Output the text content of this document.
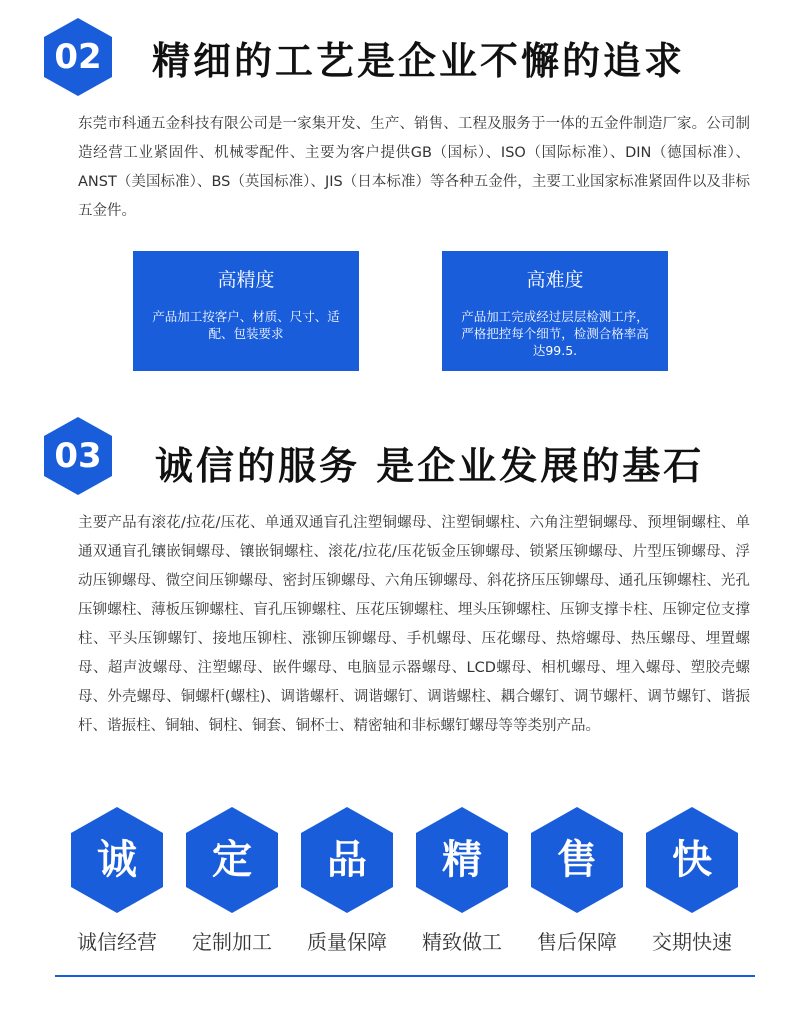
02	精细的工艺是企业不懈的追求
东莞市科通五金科技有限公司是一家集开发、生产、销售、工程及服务于一体的五金件制造厂家。公司制造经营工业紧固件、机械零配件、主要为客户提供GB（国标）、ISO（国际标准）、DIN（德国标准）、ANST（美国标准）、BS（英国标准）、JIS（日本标准）等各种五金件，主要工业国家标准紧固件以及非标五金件。
高精度
产品加工按客户、材质、尺寸、适配、包装要求
高难度
产品加工完成经过层层检测工序，严格把控每个细节，检测合格率高达99.5.
03	诚信的服务 是企业发展的基石
主要产品有滚花/拉花/压花、单通双通盲孔注塑铜螺母、注塑铜螺柱、六角注塑铜螺母、预埋铜螺柱、单通双通盲孔镶嵌铜螺母、镶嵌铜螺柱、滚花/拉花/压花钣金压铆螺母、锁紧压铆螺母、片型压铆螺母、浮动压铆螺母、微空间压铆螺母、密封压铆螺母、六角压铆螺母、斜花挤压压铆螺母、通孔压铆螺柱、光孔压铆螺柱、薄板压铆螺柱、盲孔压铆螺柱、压花压铆螺柱、埋头压铆螺柱、压铆支撑卡柱、压铆定位支撑柱、平头压铆螺钉、接地压铆柱、涨铆压铆螺母、手机螺母、压花螺母、热熔螺母、热压螺母、埋置螺母、超声波螺母、注塑螺母、嵌件螺母、电脑显示器螺母、LCD螺母、相机螺母、埋入螺母、塑胶壳螺母、外壳螺母、铜螺杆(螺柱)、调谐螺杆、调谐螺钉、调谐螺柱、耦合螺钉、调节螺杆、调节螺钉、谐振杆、谐振柱、铜轴、铜柱、铜套、铜杯士、精密轴和非标螺钉螺母等等类别产品。
诚	定	品	精	售	快
诚信经营	定制加工	质量保障	精致做工	售后保障	交期快速
